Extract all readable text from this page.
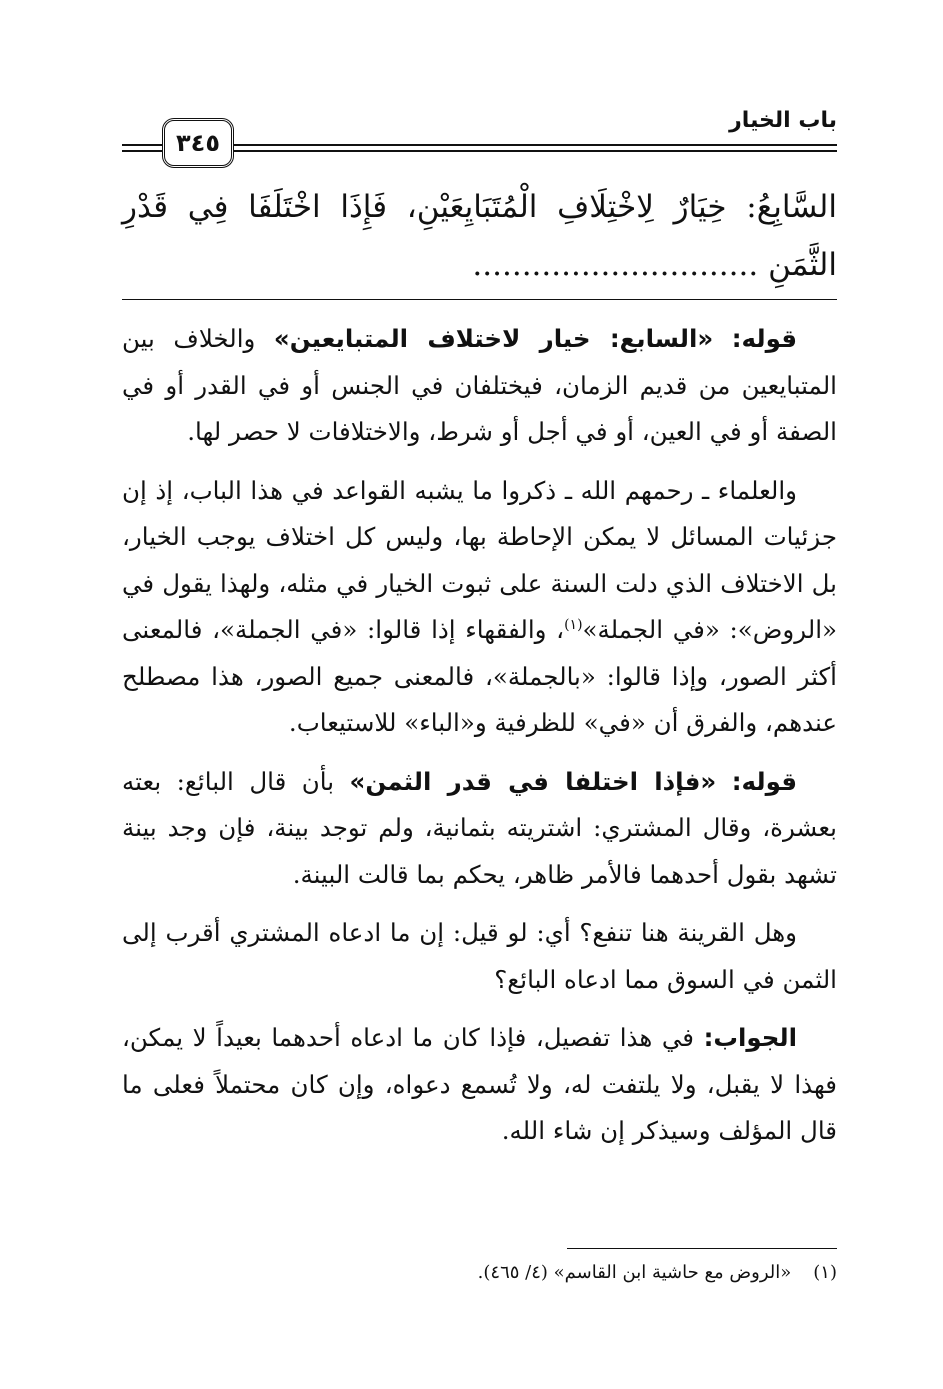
باب الخيار
٣٤٥
السَّابِعُ: خِيَارٌ لِاخْتِلَافِ الْمُتَبَايِعَيْنِ، فَإِذَا اخْتَلَفَا فِي قَدْرِ الثَّمَنِ .............................

قوله: «السابع: خيار لاختلاف المتبايعين» والخلاف بين المتبايعين من قديم الزمان، فيختلفان في الجنس أو في القدر أو في الصفة أو في العين، أو في أجل أو شرط، والاختلافات لا حصر لها.

والعلماء ـ رحمهم الله ـ ذكروا ما يشبه القواعد في هذا الباب، إذ إن جزئيات المسائل لا يمكن الإحاطة بها، وليس كل اختلاف يوجب الخيار، بل الاختلاف الذي دلت السنة على ثبوت الخيار في مثله، ولهذا يقول في «الروض»: «في الجملة»$^{(١)}$، والفقهاء إذا قالوا: «في الجملة»، فالمعنى أكثر الصور، وإذا قالوا: «بالجملة»، فالمعنى جميع الصور، هذا مصطلح عندهم، والفرق أن «في» للظرفية و«الباء» للاستيعاب.

قوله: «فإذا اختلفا في قدر الثمن» بأن قال البائع: بعته بعشرة، وقال المشتري: اشتريته بثمانية، ولم توجد بينة، فإن وجد بينة تشهد بقول أحدهما فالأمر ظاهر، يحكم بما قالت البينة.

وهل القرينة هنا تنفع؟ أي: لو قيل: إن ما ادعاه المشتري أقرب إلى الثمن في السوق مما ادعاه البائع؟

الجواب: في هذا تفصيل، فإذا كان ما ادعاه أحدهما بعيداً لا يمكن، فهذا لا يقبل، ولا يلتفت له، ولا تُسمع دعواه، وإن كان محتملاً فعلى ما قال المؤلف وسيذكر إن شاء الله.

(١)«الروض مع حاشية ابن القاسم» (٤/ ٤٦٥).
